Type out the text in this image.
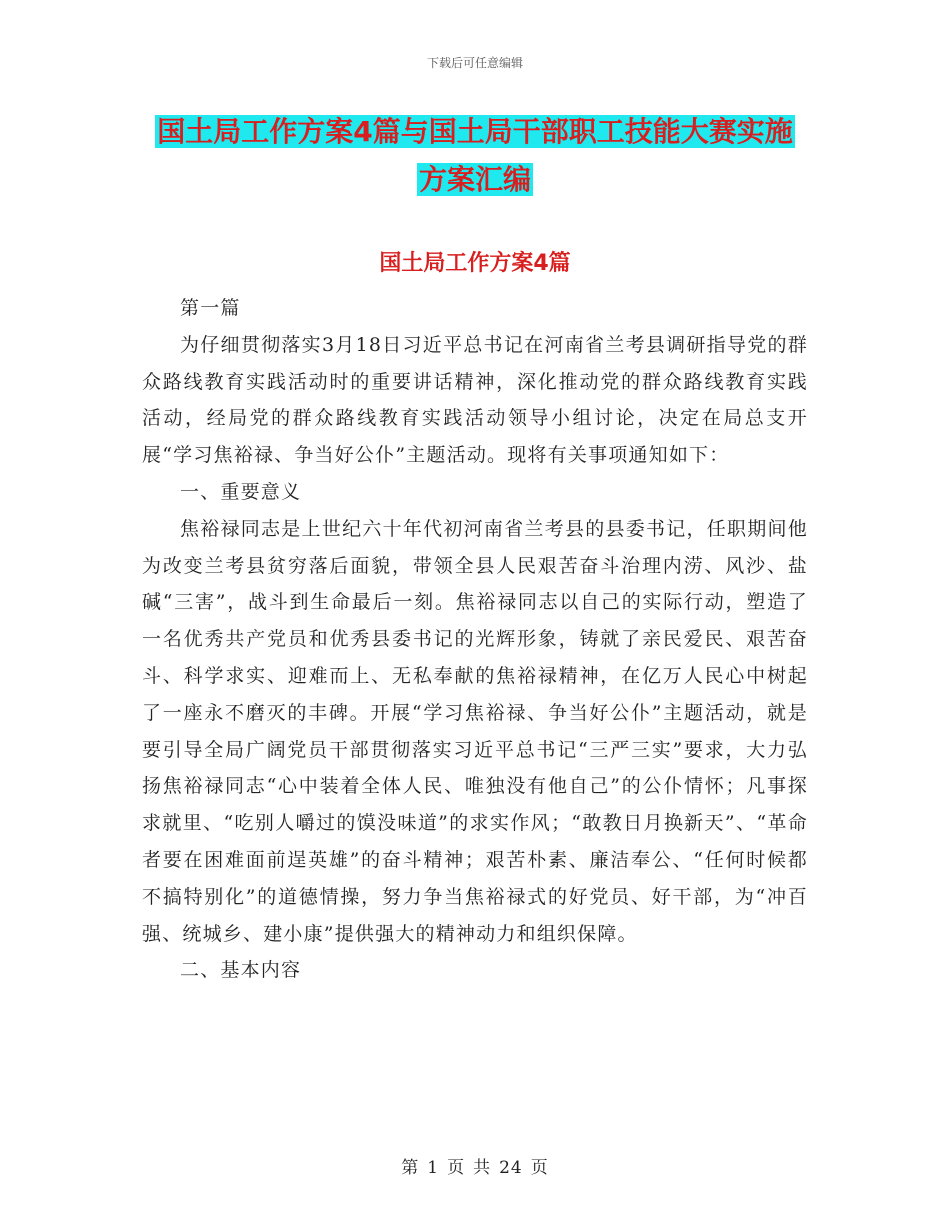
下载后可任意编辑
国土局工作方案4篇与国土局干部职工技能大赛实施
方案汇编
国土局工作方案4篇

第一篇

为仔细贯彻落实3月18日习近平总书记在河南省兰考县调研指导党的群众路线教育实践活动时的重要讲话精神，深化推动党的群众路线教育实践活动，经局党的群众路线教育实践活动领导小组讨论，决定在局总支开展“学习焦裕禄、争当好公仆”主题活动。现将有关事项通知如下：

一、重要意义

焦裕禄同志是上世纪六十年代初河南省兰考县的县委书记，任职期间他为改变兰考县贫穷落后面貌，带领全县人民艰苦奋斗治理内涝、风沙、盐碱“三害”，战斗到生命最后一刻。焦裕禄同志以自己的实际行动，塑造了一名优秀共产党员和优秀县委书记的光辉形象，铸就了亲民爱民、艰苦奋斗、科学求实、迎难而上、无私奉献的焦裕禄精神，在亿万人民心中树起了一座永不磨灭的丰碑。开展“学习焦裕禄、争当好公仆”主题活动，就是要引导全局广阔党员干部贯彻落实习近平总书记“三严三实”要求，大力弘扬焦裕禄同志“心中装着全体人民、唯独没有他自己”的公仆情怀；凡事探求就里、“吃别人嚼过的馍没味道”的求实作风；“敢教日月换新天”、“革命者要在困难面前逞英雄”的奋斗精神；艰苦朴素、廉洁奉公、“任何时候都不搞特别化”的道德情操，努力争当焦裕禄式的好党员、好干部，为“冲百强、统城乡、建小康”提供强大的精神动力和组织保障。

二、基本内容

第 1 页 共 24 页
